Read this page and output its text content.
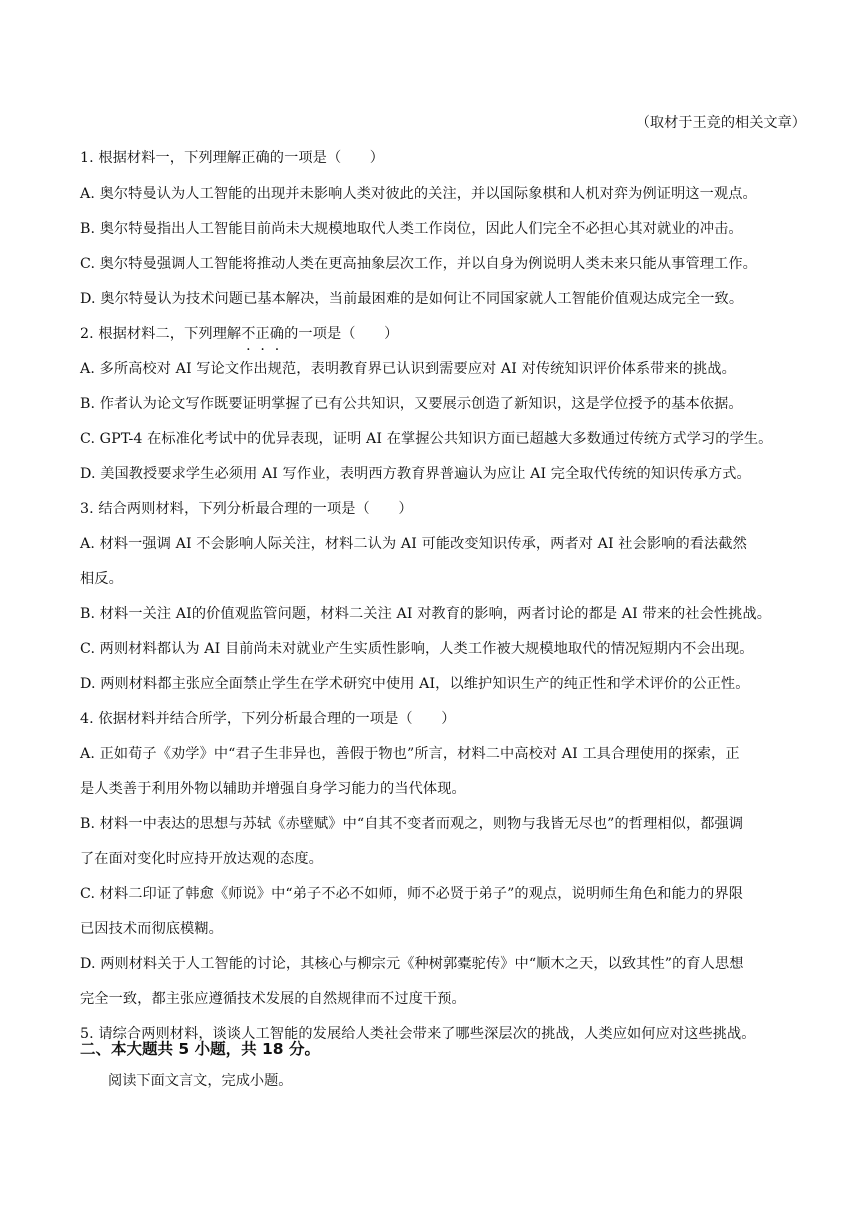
（取材于王竞的相关文章）
1. 根据材料一，下列理解正确的一项是（　　）
A. 奥尔特曼认为人工智能的出现并未影响人类对彼此的关注，并以国际象棋和人机对弈为例证明这一观点。
B. 奥尔特曼指出人工智能目前尚未大规模地取代人类工作岗位，因此人们完全不必担心其对就业的冲击。
C. 奥尔特曼强调人工智能将推动人类在更高抽象层次工作，并以自身为例说明人类未来只能从事管理工作。
D. 奥尔特曼认为技术问题已基本解决，当前最困难的是如何让不同国家就人工智能价值观达成完全一致。
2. 根据材料二，下列理解不正确的一项是（　　）
A. 多所高校对 AI 写论文作出规范，表明教育界已认识到需要应对 AI 对传统知识评价体系带来的挑战。
B. 作者认为论文写作既要证明掌握了已有公共知识，又要展示创造了新知识，这是学位授予的基本依据。
C. GPT-4 在标准化考试中的优异表现，证明 AI 在掌握公共知识方面已超越大多数通过传统方式学习的学生。
D. 美国教授要求学生必须用 AI 写作业，表明西方教育界普遍认为应让 AI 完全取代传统的知识传承方式。
3. 结合两则材料，下列分析最合理的一项是（　　）
A. 材料一强调 AI 不会影响人际关注，材料二认为 AI 可能改变知识传承，两者对 AI 社会影响的看法截然
相反。
B. 材料一关注 AI的价值观监管问题，材料二关注 AI 对教育的影响，两者讨论的都是 AI 带来的社会性挑战。
C. 两则材料都认为 AI 目前尚未对就业产生实质性影响，人类工作被大规模地取代的情况短期内不会出现。
D. 两则材料都主张应全面禁止学生在学术研究中使用 AI，以维护知识生产的纯正性和学术评价的公正性。
4. 依据材料并结合所学，下列分析最合理的一项是（　　）
A. 正如荀子《劝学》中“君子生非异也，善假于物也”所言，材料二中高校对 AI 工具合理使用的探索，正
是人类善于利用外物以辅助并增强自身学习能力的当代体现。
B. 材料一中表达的思想与苏轼《赤壁赋》中“自其不变者而观之，则物与我皆无尽也”的哲理相似，都强调
了在面对变化时应持开放达观的态度。
C. 材料二印证了韩愈《师说》中“弟子不必不如师，师不必贤于弟子”的观点，说明师生角色和能力的界限
已因技术而彻底模糊。
D. 两则材料关于人工智能的讨论，其核心与柳宗元《种树郭橐驼传》中“顺木之天，以致其性”的育人思想
完全一致，都主张应遵循技术发展的自然规律而不过度干预。
5. 请综合两则材料，谈谈人工智能的发展给人类社会带来了哪些深层次的挑战，人类应如何应对这些挑战。
二、本大题共 5 小题，共 18 分。
阅读下面文言文，完成小题。
